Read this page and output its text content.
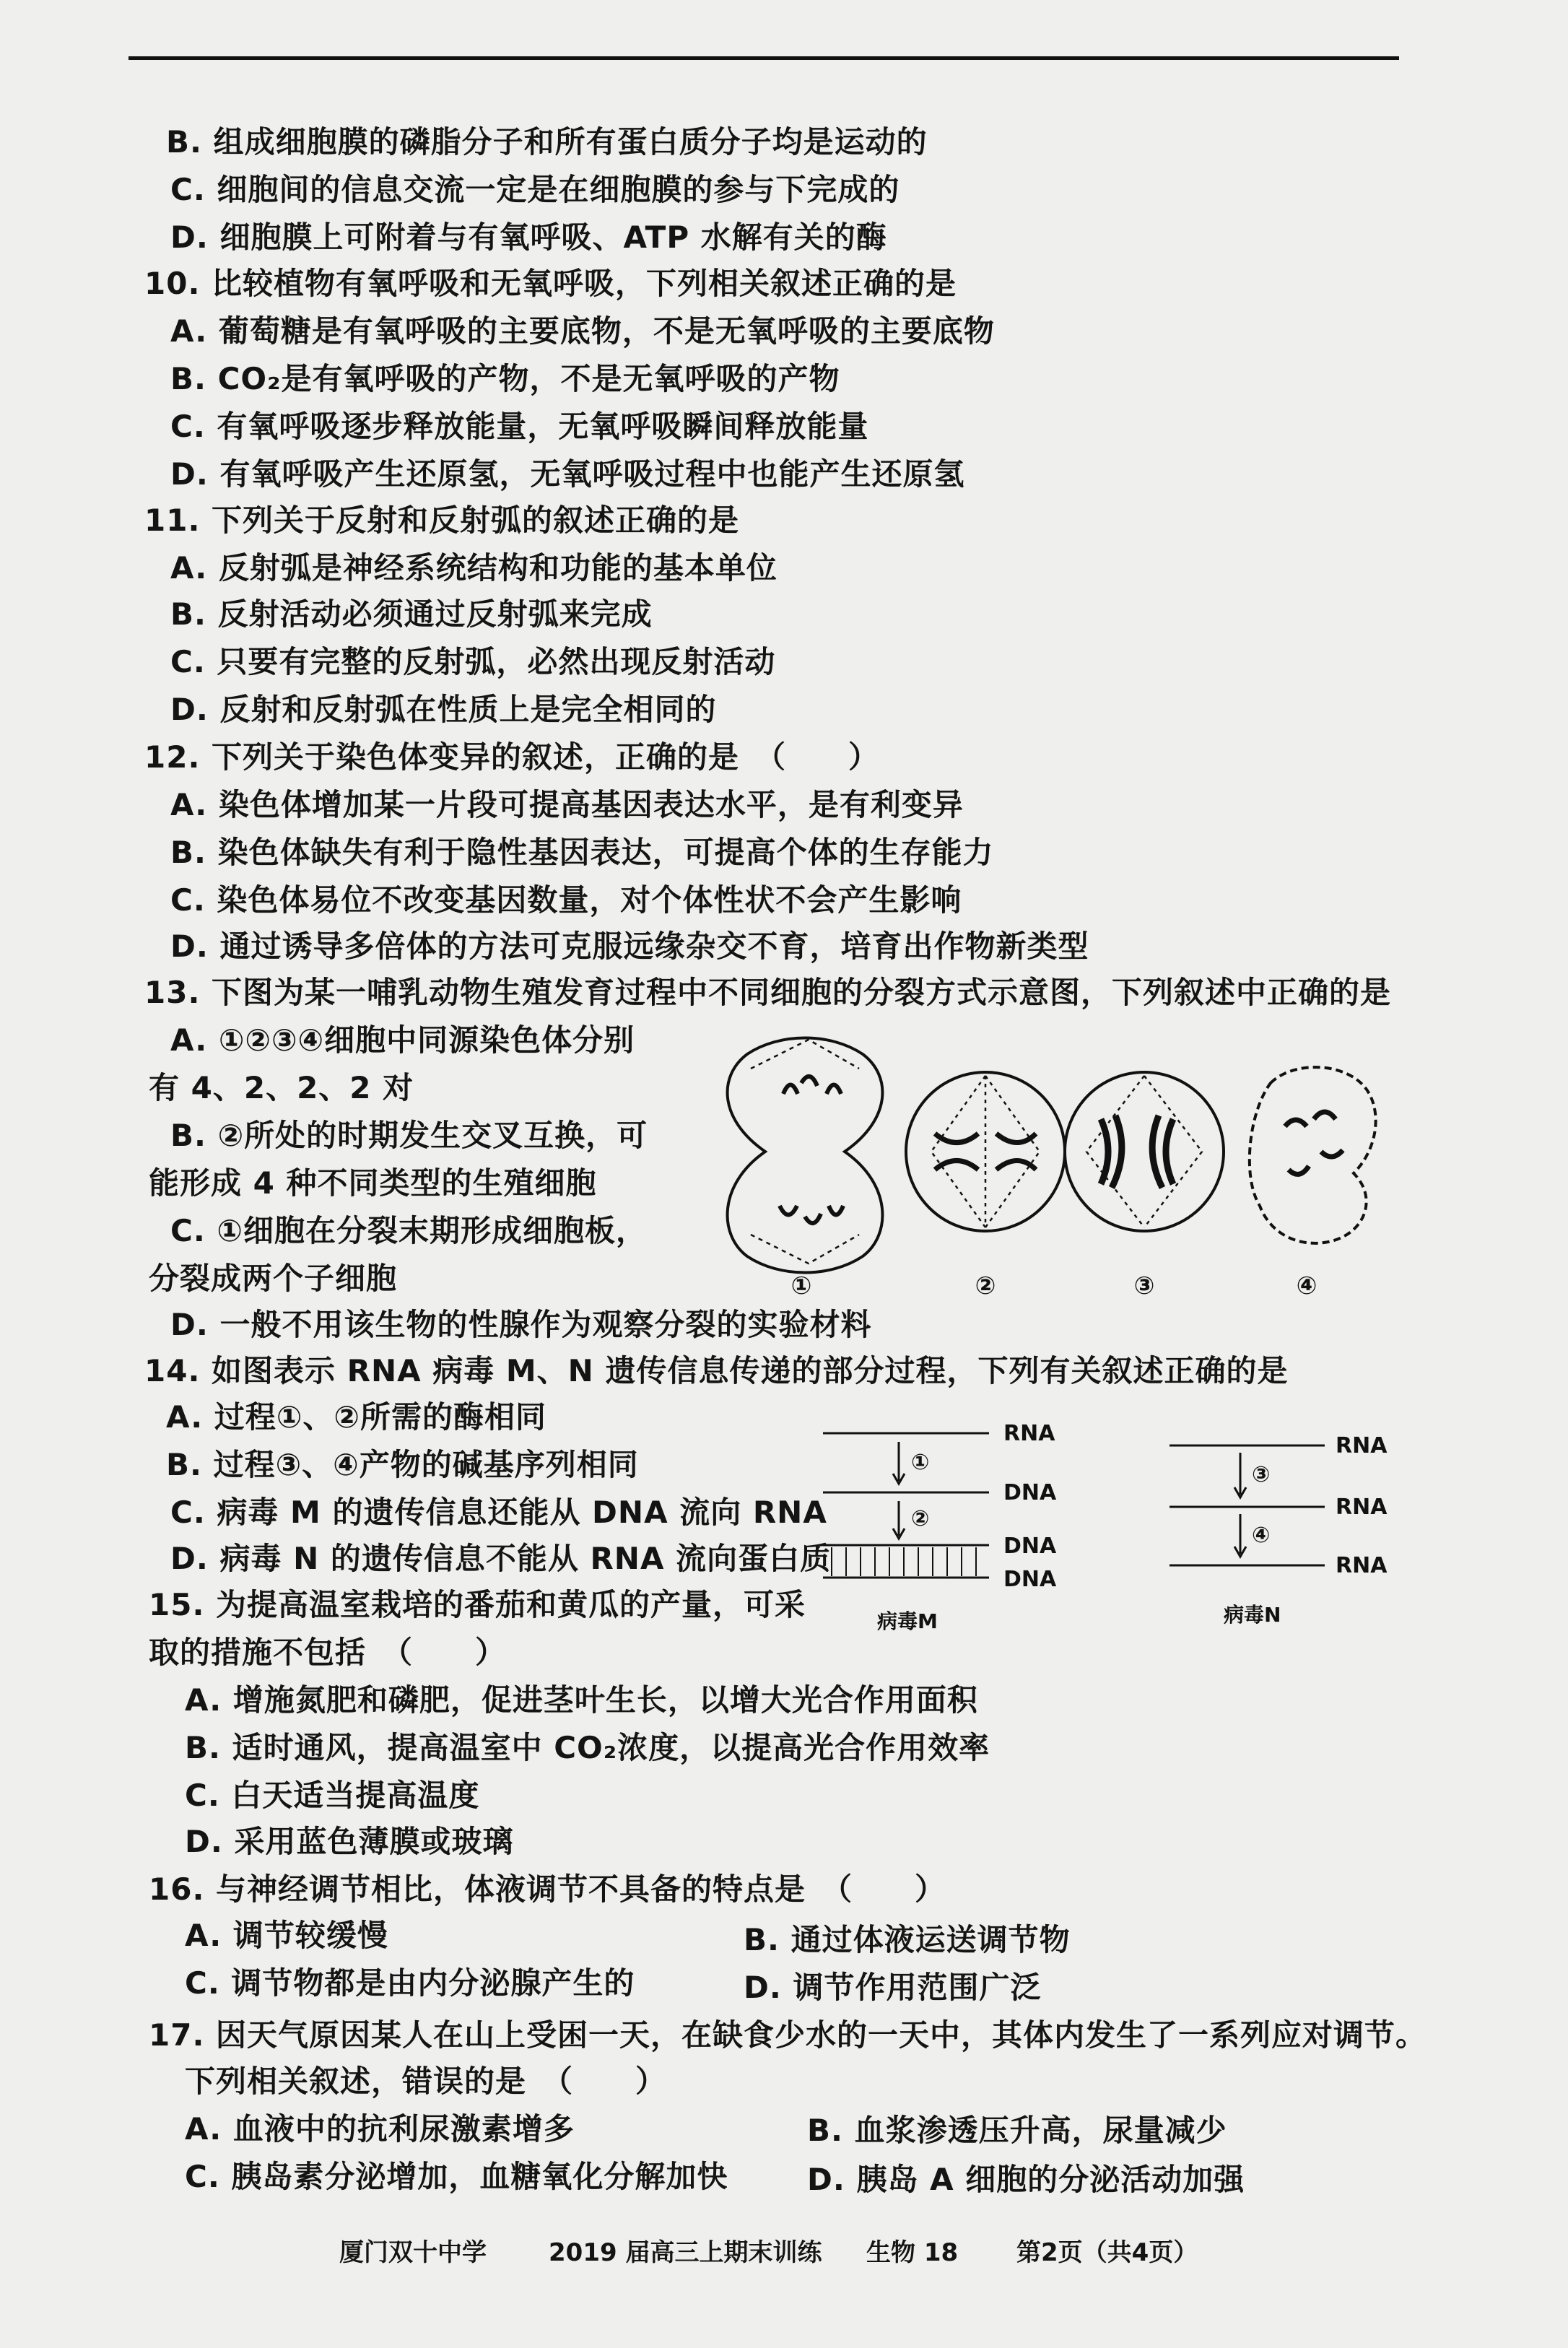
B. 组成细胞膜的磷脂分子和所有蛋白质分子均是运动的
C. 细胞间的信息交流一定是在细胞膜的参与下完成的
D. 细胞膜上可附着与有氧呼吸、ATP 水解有关的酶
10. 比较植物有氧呼吸和无氧呼吸，下列相关叙述正确的是
A. 葡萄糖是有氧呼吸的主要底物，不是无氧呼吸的主要底物
B. CO₂是有氧呼吸的产物，不是无氧呼吸的产物
C. 有氧呼吸逐步释放能量，无氧呼吸瞬间释放能量
D. 有氧呼吸产生还原氢，无氧呼吸过程中也能产生还原氢
11. 下列关于反射和反射弧的叙述正确的是
A. 反射弧是神经系统结构和功能的基本单位
B. 反射活动必须通过反射弧来完成
C. 只要有完整的反射弧，必然出现反射活动
D. 反射和反射弧在性质上是完全相同的
12. 下列关于染色体变异的叙述，正确的是　（　　）
A. 染色体增加某一片段可提高基因表达水平，是有利变异
B. 染色体缺失有利于隐性基因表达，可提高个体的生存能力
C. 染色体易位不改变基因数量，对个体性状不会产生影响
D. 通过诱导多倍体的方法可克服远缘杂交不育，培育出作物新类型
13. 下图为某一哺乳动物生殖发育过程中不同细胞的分裂方式示意图，下列叙述中正确的是
A. ①②③④细胞中同源染色体分别
有 4、2、2、2 对
B. ②所处的时期发生交叉互换，可
能形成 4 种不同类型的生殖细胞
C. ①细胞在分裂末期形成细胞板，
分裂成两个子细胞
D. 一般不用该生物的性腺作为观察分裂的实验材料
①	②	③	④
14. 如图表示 RNA 病毒 M、N 遗传信息传递的部分过程，下列有关叙述正确的是
A. 过程①、②所需的酶相同
B. 过程③、④产物的碱基序列相同
C. 病毒 M 的遗传信息还能从 DNA 流向 RNA
D. 病毒 N 的遗传信息不能从 RNA 流向蛋白质
RNA
DNA
DNA
DNA
①
②
病毒M
RNA
RNA
RNA
③
④
病毒N
15. 为提高温室栽培的番茄和黄瓜的产量，可采
取的措施不包括　（　　）
A. 增施氮肥和磷肥，促进茎叶生长，以增大光合作用面积
B. 适时通风，提高温室中 CO₂浓度，以提高光合作用效率
C. 白天适当提高温度
D. 采用蓝色薄膜或玻璃
16. 与神经调节相比，体液调节不具备的特点是　（　　）
A. 调节较缓慢	B. 通过体液运送调节物
C. 调节物都是由内分泌腺产生的	D. 调节作用范围广泛
17. 因天气原因某人在山上受困一天，在缺食少水的一天中，其体内发生了一系列应对调节。
下列相关叙述，错误的是　（　　）
A. 血液中的抗利尿激素增多	B. 血浆渗透压升高，尿量减少
C. 胰岛素分泌增加，血糖氧化分解加快	D. 胰岛 A 细胞的分泌活动加强
厦门双十中学	2019 届高三上期末训练 生物 18 第2页（共4页）
